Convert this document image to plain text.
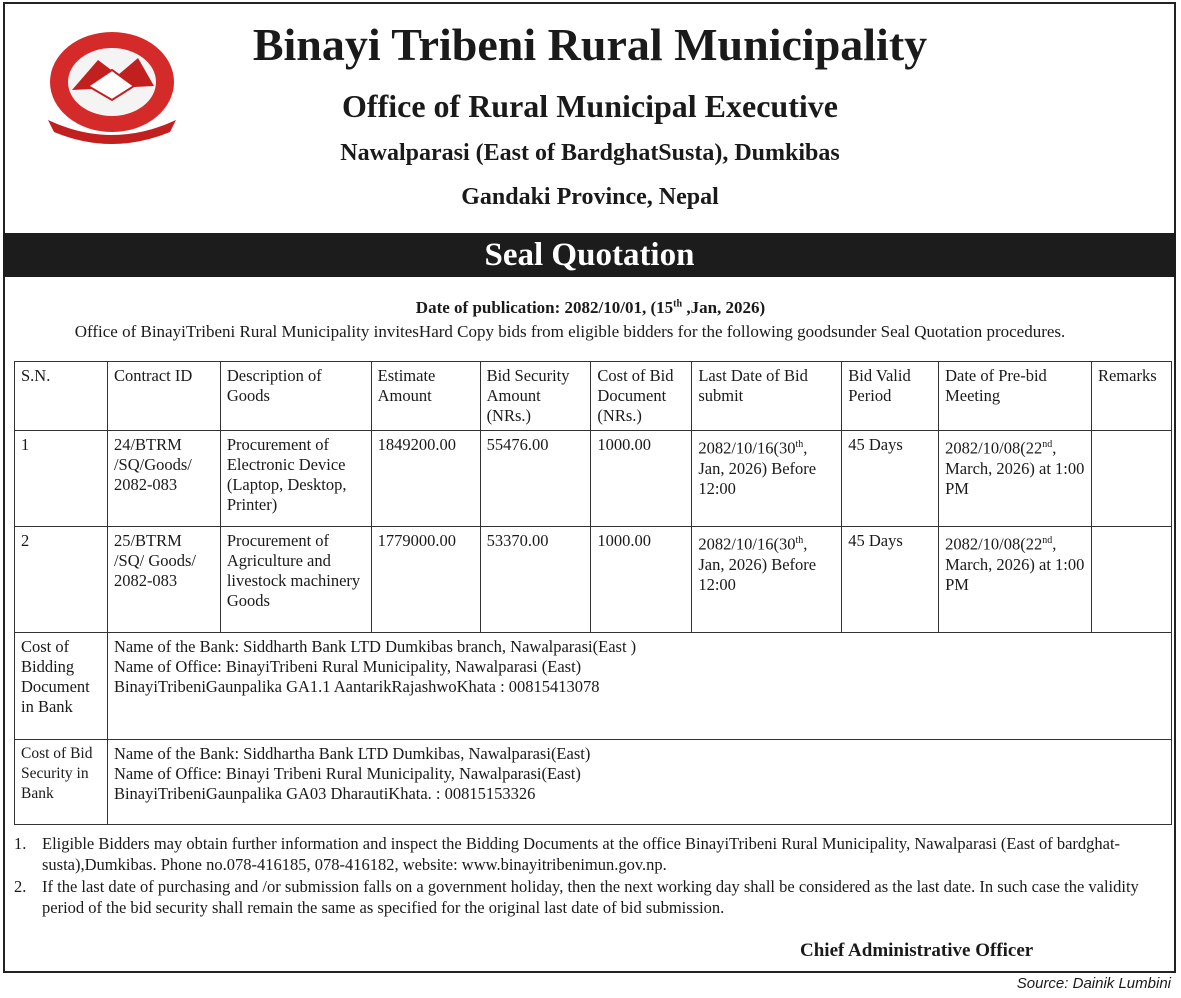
Binayi Tribeni Rural Municipality
Office of Rural Municipal Executive
Nawalparasi (East of BardghatSusta), Dumkibas
Gandaki Province, Nepal
Seal Quotation
Date of publication: 2082/10/01, (15th ,Jan, 2026)
Office of BinayiTribeni Rural Municipality invitesHard Copy bids from eligible bidders for the following goodsunder Seal Quotation procedures.
S.N.	Contract ID	Description of Goods	Estimate Amount	Bid Security Amount (NRs.)	Cost of Bid Document (NRs.)	Last Date of Bid submit	Bid Valid Period	Date of Pre-bid Meeting	Remarks
1	24/BTRM /SQ/Goods/ 2082-083	Procurement of Electronic Device (Laptop, Desktop, Printer)	1849200.00	55476.00	1000.00	2082/10/16(30th, Jan, 2026) Before 12:00	45 Days	2082/10/08(22nd, March, 2026) at 1:00 PM	
2	25/BTRM /SQ/ Goods/ 2082-083	Procurement of Agriculture and livestock machinery Goods	1779000.00	53370.00	1000.00	2082/10/16(30th, Jan, 2026) Before 12:00	45 Days	2082/10/08(22nd, March, 2026) at 1:00 PM	
Cost of Bidding Document in Bank	Name of the Bank: Siddharth Bank LTD Dumkibas branch, Nawalparasi(East )
Name of Office: BinayiTribeni Rural Municipality, Nawalparasi (East)
BinayiTribeniGaunpalika GA1.1 AantarikRajashwoKhata : 00815413078								

Cost of Bid Security in Bank	Name of the Bank: Siddhartha Bank LTD Dumkibas, Nawalparasi(East)
Name of Office: Binayi Tribeni Rural Municipality, Nawalparasi(East)
BinayiTribeniGaunpalika GA03 DharautiKhata. : 00815153326								
1. Eligible Bidders may obtain further information and inspect the Bidding Documents at the office BinayiTribeni Rural Municipality, Nawalparasi (East of bardghat-susta),Dumkibas. Phone no.078-416185, 078-416182, website: www.binayitribenimun.gov.np.
2. If the last date of purchasing and /or submission falls on a government holiday, then the next working day shall be considered as the last date. In such case the validity period of the bid security shall remain the same as specified for the original last date of bid submission.
Chief Administrative Officer
Source: Dainik Lumbini
